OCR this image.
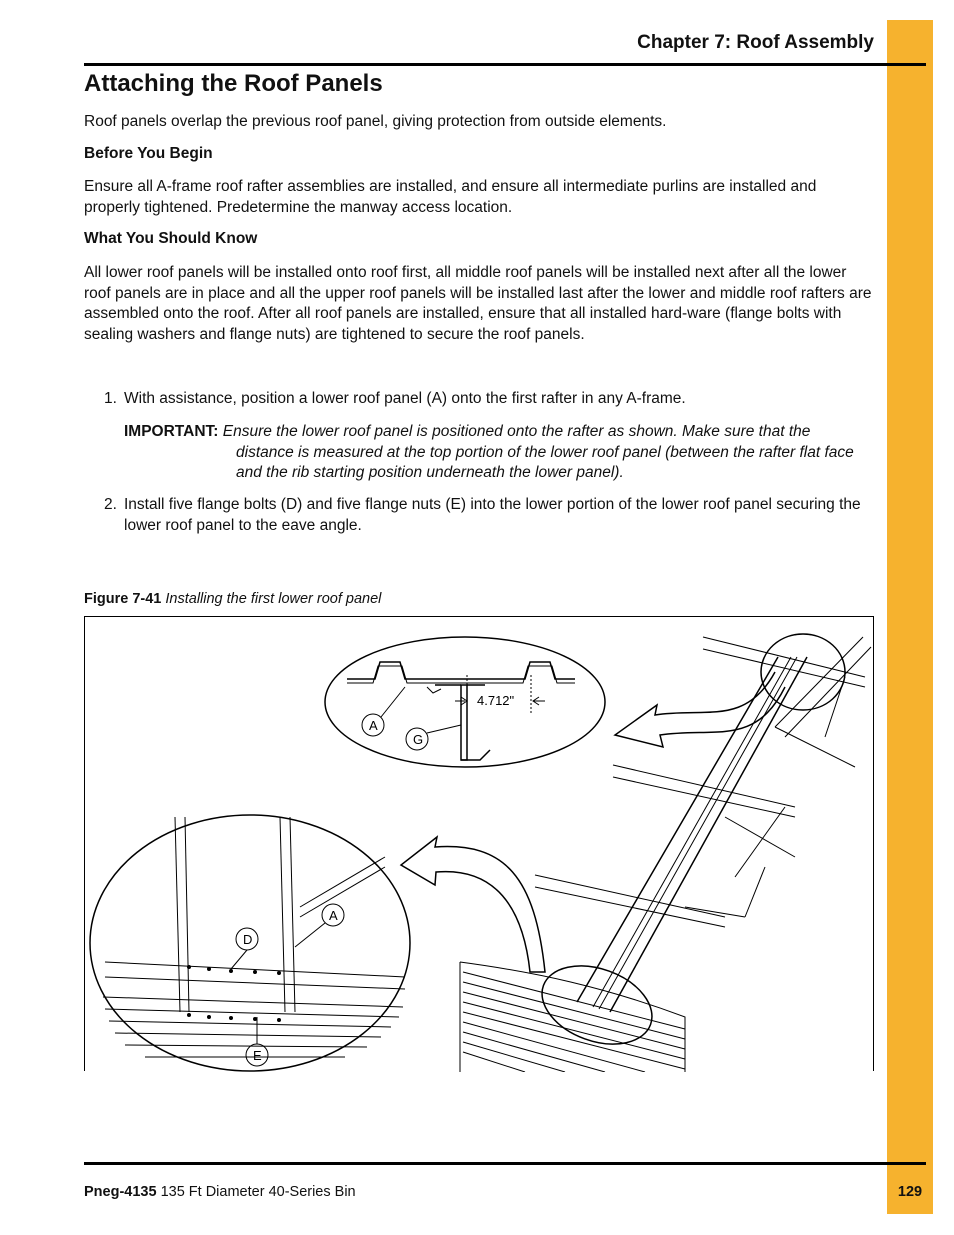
Chapter 7: Roof Assembly
Attaching the Roof Panels

Roof panels overlap the previous roof panel, giving protection from outside elements.

Before You Begin

Ensure all A-frame roof rafter assemblies are installed, and ensure all intermediate purlins are installed and properly tightened. Predetermine the manway access location.

What You Should Know

All lower roof panels will be installed onto roof first, all middle roof panels will be installed next after all the lower roof panels are in place and all the upper roof panels will be installed last after the lower and middle roof rafters are assembled onto the roof. After all roof panels are installed, ensure that all installed hard-ware (flange bolts with sealing washers and flange nuts) are tightened to secure the roof panels.

1. With assistance, position a lower roof panel (A) onto the first rafter in any A-frame.
IMPORTANT: Ensure the lower roof panel is positioned onto the rafter as shown. Make sure that the
distance is measured at the top portion of the lower roof panel (between the rafter flat face and the rib starting position underneath the lower panel).
2. Install five flange bolts (D) and five flange nuts (E) into the lower portion of the lower roof panel securing the lower roof panel to the eave angle.
Figure 7-41 Installing the first lower roof panel
4.712"
A
G
D
A
E
Pneg-4135 135 Ft Diameter 40-Series Bin	129
